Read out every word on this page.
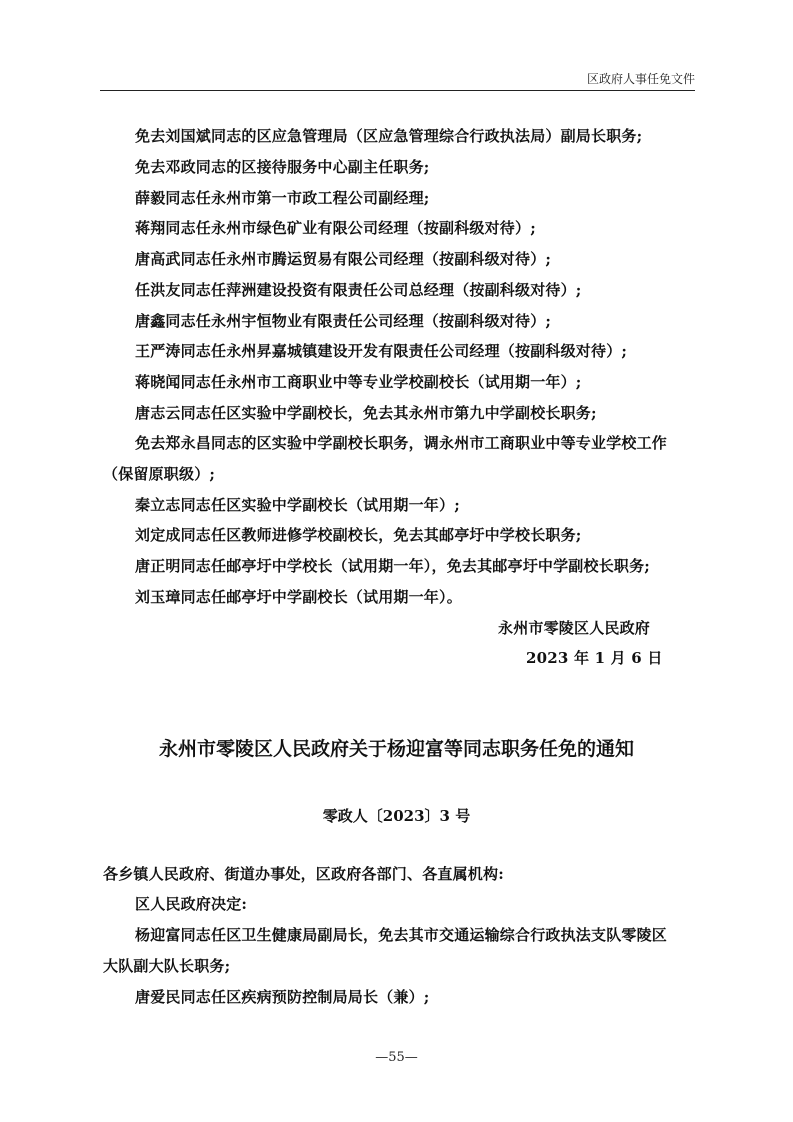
区政府人事任免文件
免去刘国斌同志的区应急管理局（区应急管理综合行政执法局）副局长职务;
免去邓政同志的区接待服务中心副主任职务;
薛毅同志任永州市第一市政工程公司副经理;
蒋翔同志任永州市绿色矿业有限公司经理（按副科级对待）;
唐高武同志任永州市腾运贸易有限公司经理（按副科级对待）;
任洪友同志任萍洲建设投资有限责任公司总经理（按副科级对待）;
唐鑫同志任永州宇恒物业有限责任公司经理（按副科级对待）;
王严涛同志任永州昇嘉城镇建设开发有限责任公司经理（按副科级对待）;
蒋晓闻同志任永州市工商职业中等专业学校副校长（试用期一年）;
唐志云同志任区实验中学副校长，免去其永州市第九中学副校长职务;
免去郑永昌同志的区实验中学副校长职务，调永州市工商职业中等专业学校工作
（保留原职级）;
秦立志同志任区实验中学副校长（试用期一年）;
刘定成同志任区教师进修学校副校长，免去其邮亭圩中学校长职务;
唐正明同志任邮亭圩中学校长（试用期一年），免去其邮亭圩中学副校长职务;
刘玉璋同志任邮亭圩中学副校长（试用期一年）。
永州市零陵区人民政府
2023 年 1 月 6 日
永州市零陵区人民政府关于杨迎富等同志职务任免的通知
零政人〔2023〕3 号
各乡镇人民政府、街道办事处，区政府各部门、各直属机构:
区人民政府决定:
杨迎富同志任区卫生健康局副局长，免去其市交通运输综合行政执法支队零陵区
大队副大队长职务;
唐爱民同志任区疾病预防控制局局长（兼）;
—55—
